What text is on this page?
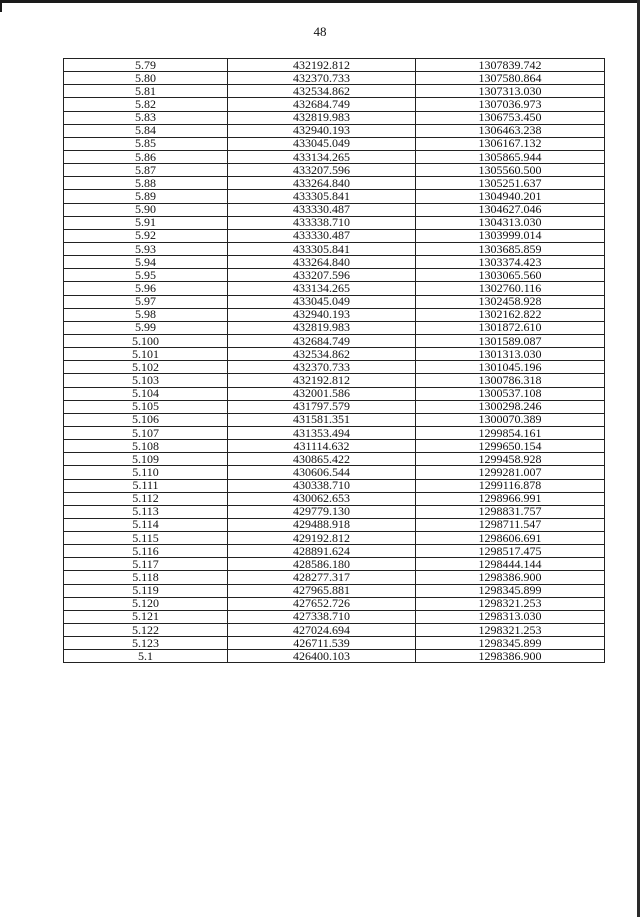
48
5.79	432192.812	1307839.742
5.80	432370.733	1307580.864
5.81	432534.862	1307313.030
5.82	432684.749	1307036.973
5.83	432819.983	1306753.450
5.84	432940.193	1306463.238
5.85	433045.049	1306167.132
5.86	433134.265	1305865.944
5.87	433207.596	1305560.500
5.88	433264.840	1305251.637
5.89	433305.841	1304940.201
5.90	433330.487	1304627.046
5.91	433338.710	1304313.030
5.92	433330.487	1303999.014
5.93	433305.841	1303685.859
5.94	433264.840	1303374.423
5.95	433207.596	1303065.560
5.96	433134.265	1302760.116
5.97	433045.049	1302458.928
5.98	432940.193	1302162.822
5.99	432819.983	1301872.610
5.100	432684.749	1301589.087
5.101	432534.862	1301313.030
5.102	432370.733	1301045.196
5.103	432192.812	1300786.318
5.104	432001.586	1300537.108
5.105	431797.579	1300298.246
5.106	431581.351	1300070.389
5.107	431353.494	1299854.161
5.108	431114.632	1299650.154
5.109	430865.422	1299458.928
5.110	430606.544	1299281.007
5.111	430338.710	1299116.878
5.112	430062.653	1298966.991
5.113	429779.130	1298831.757
5.114	429488.918	1298711.547
5.115	429192.812	1298606.691
5.116	428891.624	1298517.475
5.117	428586.180	1298444.144
5.118	428277.317	1298386.900
5.119	427965.881	1298345.899
5.120	427652.726	1298321.253
5.121	427338.710	1298313.030
5.122	427024.694	1298321.253
5.123	426711.539	1298345.899
5.1	426400.103	1298386.900
